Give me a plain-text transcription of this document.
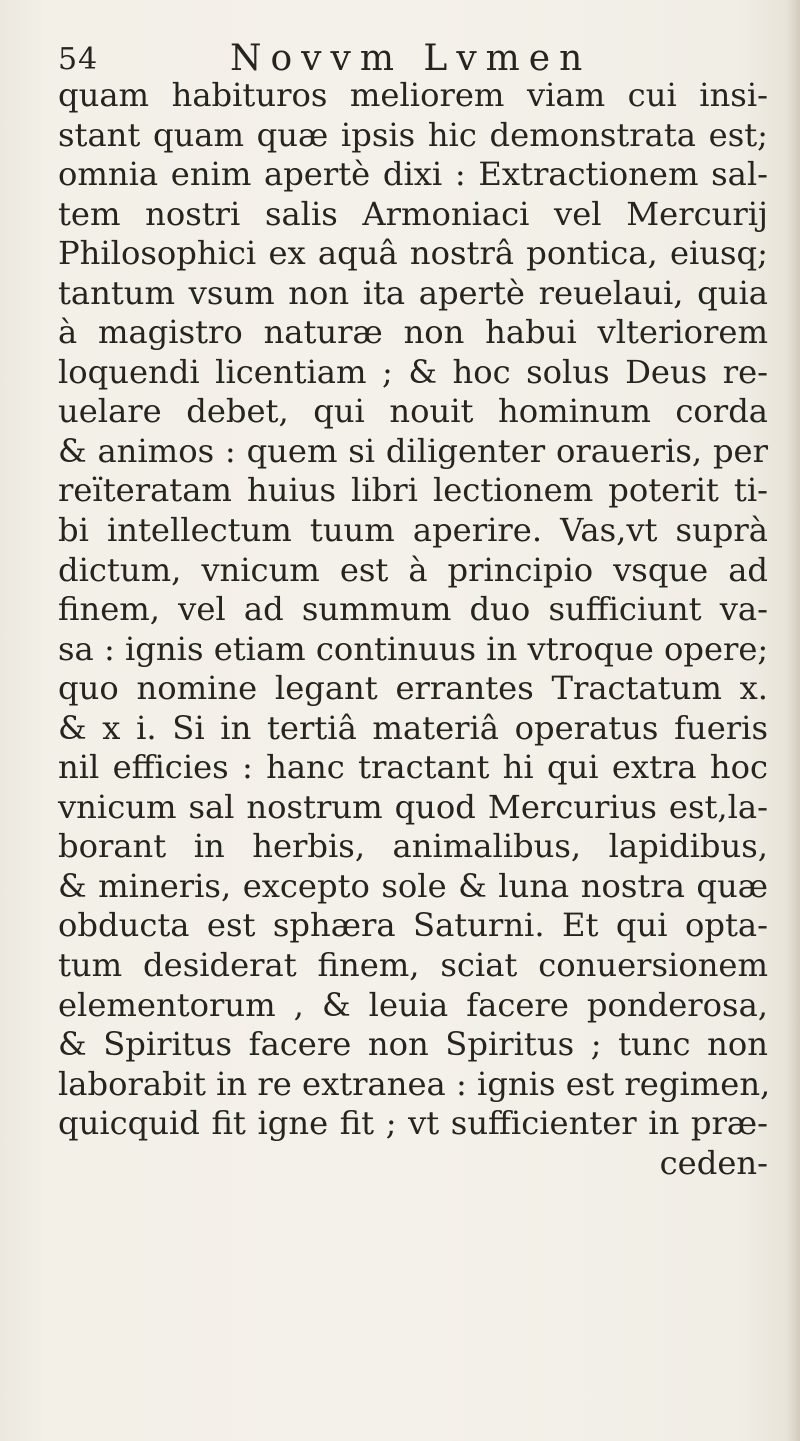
54	Novvm Lvmen
quam habituros meliorem viam cui insi-
stant quam quæ ipsis hic demonstrata est;
omnia enim apertè dixi : Extractionem sal-
tem nostri salis Armoniaci vel Mercurij
Philosophici ex aquâ nostrâ pontica, eiusq;
tantum vsum non ita apertè reuelaui, quia
à magistro naturæ non habui vlteriorem
loquendi licentiam ; & hoc solus Deus re-
uelare debet, qui nouit hominum corda
& animos : quem si diligenter oraueris, per
reïteratam huius libri lectionem poterit ti-
bi intellectum tuum aperire. Vas,vt suprà
dictum, vnicum est à principio vsque ad
finem, vel ad summum duo sufficiunt va-
sa : ignis etiam continuus in vtroque opere;
quo nomine legant errantes Tractatum x.
& x i. Si in tertiâ materiâ operatus fueris
nil efficies : hanc tractant hi qui extra hoc
vnicum sal nostrum quod Mercurius est,la-
borant in herbis, animalibus, lapidibus,
& mineris, excepto sole & luna nostra quæ
obducta est sphæra Saturni. Et qui opta-
tum desiderat finem, sciat conuersionem
elementorum , & leuia facere ponderosa,
& Spiritus facere non Spiritus ; tunc non
laborabit in re extranea : ignis est regimen,
quicquid fit igne fit ; vt sufficienter in præ-
ceden-
